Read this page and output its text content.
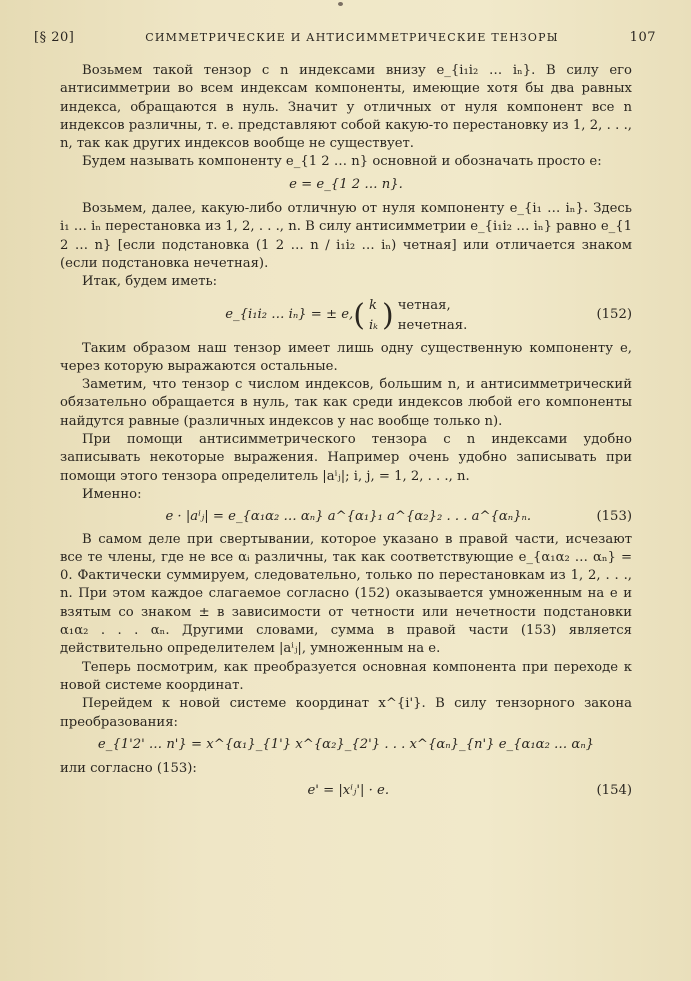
[§ 20]	СИММЕТРИЧЕСКИЕ И АНТИСИММЕТРИЧЕСКИЕ ТЕНЗОРЫ	107

Возьмем такой тензор с n индексами внизу e_{i₁i₂ … iₙ}. В силу его антисимметрии во всем индексам компоненты, имеющие хотя бы два равных индекса, обращаются в нуль. Значит у отличных от нуля компонент все n индексов различны, т. е. представляют собой какую-то перестановку из 1, 2, . . ., n, так как других индексов вообще не существует.

Будем называть компоненту e_{1 2 … n} основной и обозначать просто e:

e = e_{1 2 … n}.

Возьмем, далее, какую-либо отличную от нуля компоненту e_{i₁ … iₙ}. Здесь i₁ … iₙ перестановка из 1, 2, . . ., n. В силу антисимметрии e_{i₁i₂ … iₙ} равно e_{1 2 … n} [если подстановка (1 2 … n / i₁i₂ … iₙ) четная] или отличается знаком (если подстановка нечетная).

Итак, будем иметь:

e_{i₁i₂ … iₙ} = ± e, ( k
iₖ ) четная,
нечетная.
(152)

Таким образом наш тензор имеет лишь одну существенную компоненту e, через которую выражаются остальные.

Заметим, что тензор с числом индексов, большим n, и антисимметрический обязательно обращается в нуль, так как среди индексов любой его компоненты найдутся равные (различных индексов у нас вообще только n).

При помощи антисимметрического тензора с n индексами удобно записывать некоторые выражения. Например очень удобно записывать при помощи этого тензора определитель |aⁱⱼ|; i, j, = 1, 2, . . ., n.

Именно:

e · |aⁱⱼ| = e_{α₁α₂ … αₙ} a^{α₁}₁ a^{α₂}₂ . . . a^{αₙ}ₙ.	(153)

В самом деле при свертывании, которое указано в правой части, исчезают все те члены, где не все αᵢ различны, так как соответствующие e_{α₁α₂ … αₙ} = 0. Фактически суммируем, следовательно, только по перестановкам из 1, 2, . . ., n. При этом каждое слагаемое согласно (152) оказывается умноженным на e и взятым со знаком ± в зависимости от четности или нечетности подстановки α₁α₂ . . . αₙ. Другими словами, сумма в правой части (153) является действительно определителем |aⁱⱼ|, умноженным на e.

Теперь посмотрим, как преобразуется основная компонента при переходе к новой системе координат.

Перейдем к новой системе координат x^{i'}. В силу тензорного закона преобразования:

e_{1'2' … n'} = x^{α₁}_{1'} x^{α₂}_{2'} . . . x^{αₙ}_{n'} e_{α₁α₂ … αₙ}

или согласно (153):

e' = |xⁱⱼ'| · e.	(154)
